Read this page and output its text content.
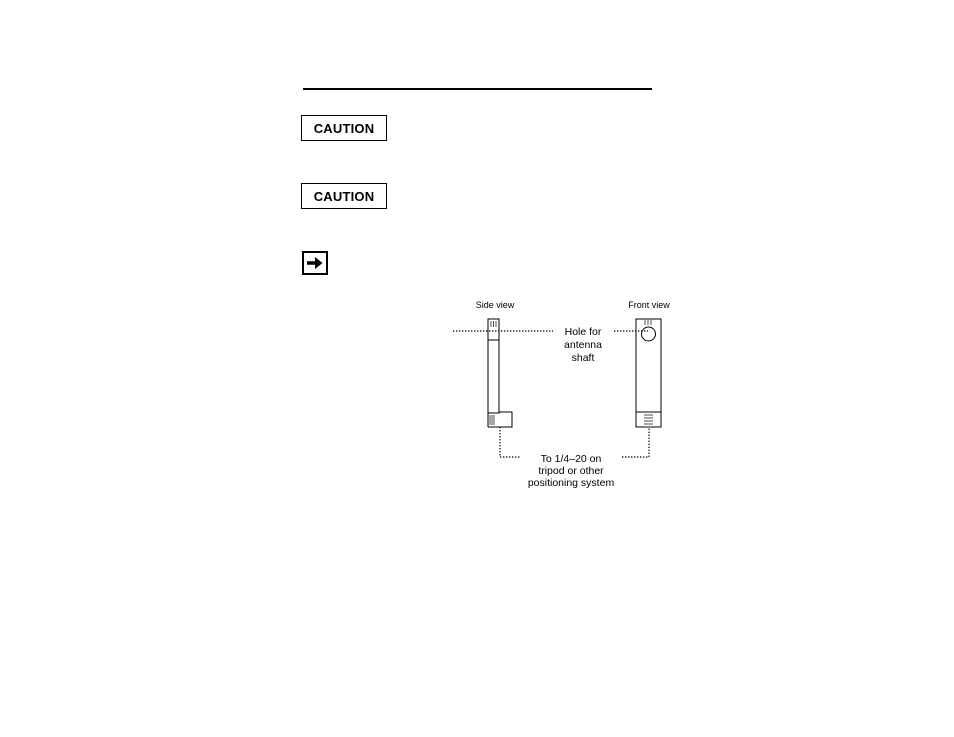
CAUTION
CAUTION
Side view	Front view
Hole for
antenna
shaft
To 1/4–20 on
tripod or other
positioning system
